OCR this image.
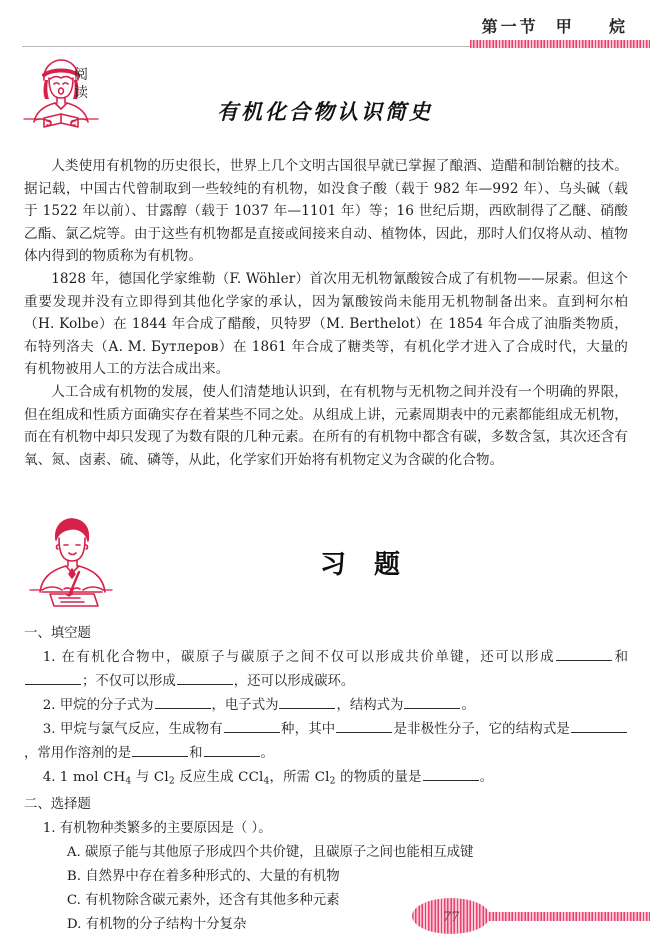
第一节  甲    烷
阅读
有机化合物认识简史

人类使用有机物的历史很长，世界上几个文明古国很早就已掌握了酿酒、造醋和制饴糖的技术。据记载，中国古代曾制取到一些较纯的有机物，如没食子酸（载于 982 年—992 年）、乌头碱（载于 1522 年以前）、甘露醇（载于 1037 年—1101 年）等；16 世纪后期，西欧制得了乙醚、硝酸乙酯、氯乙烷等。由于这些有机物都是直接或间接来自动、植物体，因此，那时人们仅将从动、植物体内得到的物质称为有机物。

1828 年，德国化学家维勒（F. Wöhler）首次用无机物氰酸铵合成了有机物——尿素。但这个重要发现并没有立即得到其他化学家的承认，因为氰酸铵尚未能用无机物制备出来。直到柯尔柏（H. Kolbe）在 1844 年合成了醋酸，贝特罗（M. Berthelot）在 1854 年合成了油脂类物质，布特列洛夫（А. М. Бутлеров）在 1861 年合成了糖类等，有机化学才进入了合成时代，大量的有机物被用人工的方法合成出来。

人工合成有机物的发展，使人们清楚地认识到，在有机物与无机物之间并没有一个明确的界限，但在组成和性质方面确实存在着某些不同之处。从组成上讲，元素周期表中的元素都能组成无机物，而在有机物中却只发现了为数有限的几种元素。在所有的有机物中都含有碳，多数含氢，其次还含有氧、氮、卤素、硫、磷等，从此，化学家们开始将有机物定义为含碳的化合物。

习题

一、填空题

1. 在有机化合物中，碳原子与碳原子之间不仅可以形成共价单键，还可以形成	和；不仅可以形成	，还可以形成碳环。

2. 甲烷的分子式为	，电子式为	，结构式为	。

3. 甲烷与氯气反应，生成物有	种，其中	是非极性分子，它的结构式是，常用作溶剂的是	和	。

4. 1 mol $CH_4$ 与 $Cl_2$ 反应生成 CCl$_4$，所需 $Cl_2$ 的物质的量是	。

二、选择题

1. 有机物种类繁多的主要原因是（ ）。

A. 碳原子能与其他原子形成四个共价键，且碳原子之间也能相互成键

B. 自然界中存在着多种形式的、大量的有机物

C. 有机物除含碳元素外，还含有其他多种元素

D. 有机物的分子结构十分复杂	77
